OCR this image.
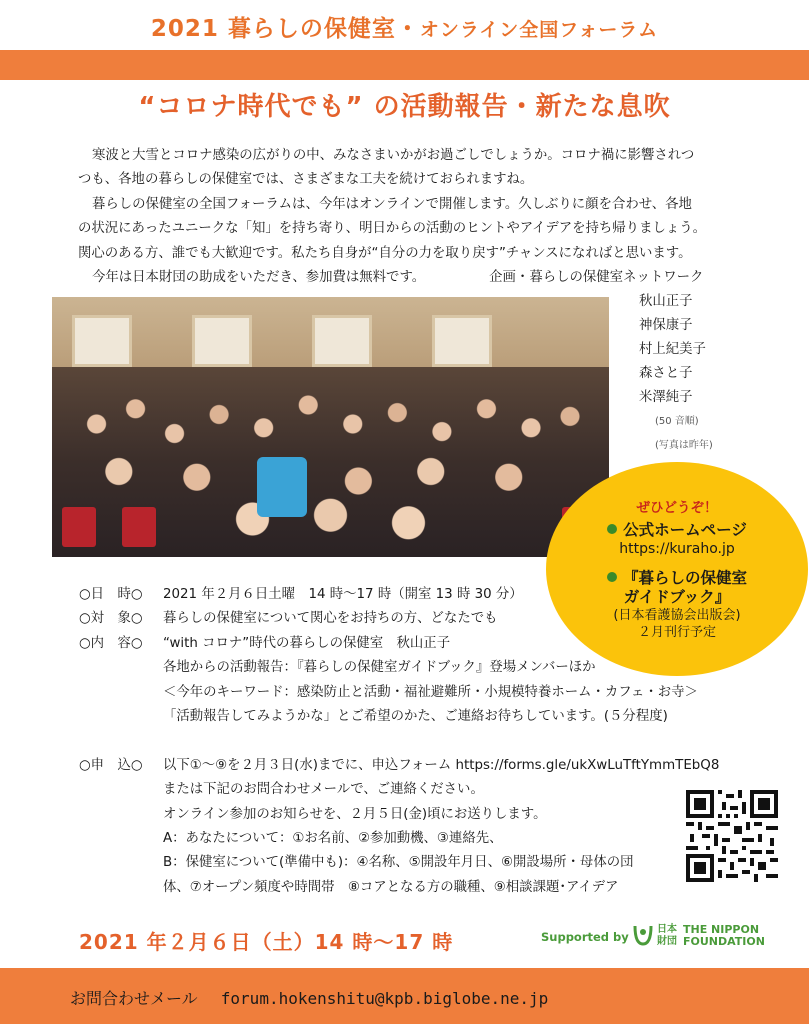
2021 暮らしの保健室・オンライン全国フォーラム
“コロナ時代でも” の活動報告・新たな息吹

寒波と大雪とコロナ感染の広がりの中、みなさまいかがお過ごしでしょうか。コロナ禍に影響されつ

つも、各地の暮らしの保健室では、さまざまな工夫を続けておられますね。

暮らしの保健室の全国フォーラムは、今年はオンラインで開催します。久しぶりに顔を合わせ、各地

の状況にあったユニークな「知」を持ち寄り、明日からの活動のヒントやアイデアを持ち帰りましょう。

関心のある方、誰でも大歓迎です。私たち自身が“自分の力を取り戻す”チャンスになればと思います。

今年は日本財団の助成をいただき、参加費は無料です。	企画・暮らしの保健室ネットワーク

秋山正子
神保康子
村上紀美子
森さと子
米澤純子
(50 音順)
(写真は昨年)
ぜひどうぞ！
公式ホームページ
https://kuraho.jp
『暮らしの保健室
ガイドブック』
(日本看護協会出版会)
２月刊行予定
○日　時○	2021 年２月６日土曜　14 時～17 時（開室 13 時 30 分）
○対　象○	暮らしの保健室について関心をお持ちの方、どなたでも
○内　容○	“with コロナ”時代の暮らしの保健室　秋山正子
各地からの活動報告：『暮らしの保健室ガイドブック』登場メンバーほか
＜今年のキーワード：感染防止と活動・福祉避難所・小規模特養ホーム・カフェ・お寺＞
「活動報告してみようかな」とご希望のかた、ご連絡お待ちしています。(５分程度)
○申　込○	以下①～⑨を２月３日(水)までに、申込フォーム https://forms.gle/ukXwLuTftYmmTEbQ8
または下記のお問合わせメールで、ご連絡ください。
オンライン参加のお知らせを、２月５日(金)頃にお送りします。
A：あなたについて：①お名前、②参加動機、③連絡先、
B：保健室について(準備中も)：④名称、⑤開設年月日、⑥開設場所・母体の団
体、⑦オープン頻度や時間帯　⑧コアとなる方の職種、⑨相談課題･アイデア
2021 年２月６日（土）14 時～17 時	Supported by
日本財団
THE NIPPON
FOUNDATION
お問合わせメール forum.hokenshitu@kpb.biglobe.ne.jp
